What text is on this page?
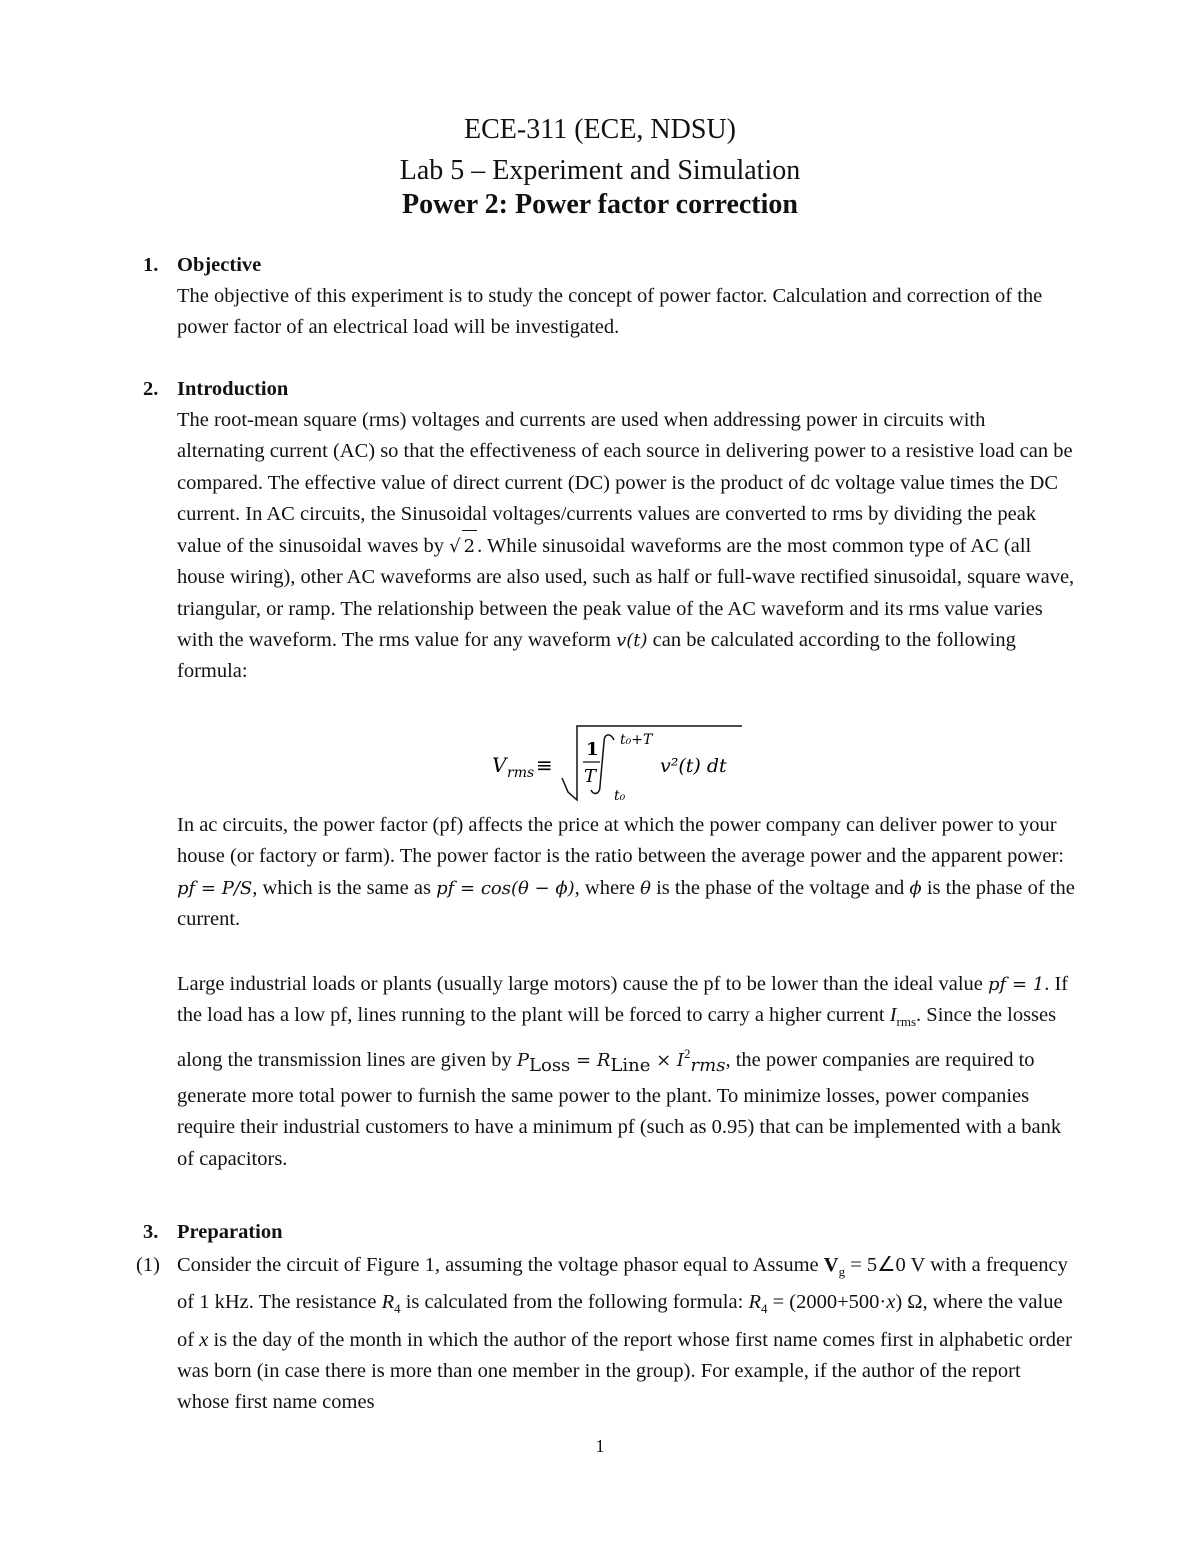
ECE-311 (ECE, NDSU)
Lab 5 – Experiment and Simulation
Power 2: Power factor correction
1. Objective

The objective of this experiment is to study the concept of power factor. Calculation and correction of the power factor of an electrical load will be investigated.

2. Introduction

The root-mean square (rms) voltages and currents are used when addressing power in circuits with alternating current (AC) so that the effectiveness of each source in delivering power to a resistive load can be compared. The effective value of direct current (DC) power is the product of dc voltage value times the DC current. In AC circuits, the Sinusoidal voltages/currents values are converted to rms by dividing the peak value of the sinusoidal waves by √ 2. While sinusoidal waveforms are the most common type of AC (all house wiring), other AC waveforms are also used, such as half or full-wave rectified sinusoidal, square wave, triangular, or ramp. The relationship between the peak value of the AC waveform and its rms value varies with the waveform. The rms value for any waveform v(t) can be calculated according to the following formula:

V rms ≡
1
T
t₀+T
t₀
v²(t) dt

In ac circuits, the power factor (pf) affects the price at which the power company can deliver power to your house (or factory or farm). The power factor is the ratio between the average power and the apparent power: pf = P/S, which is the same as pf = cos(θ − ϕ), where θ is the phase of the voltage and ϕ is the phase of the current.

Large industrial loads or plants (usually large motors) cause the pf to be lower than the ideal value pf = 1. If the load has a low pf, lines running to the plant will be forced to carry a higher current $I_{rms}$. Since the losses along the transmission lines are given by $P_{Loss} = R_{Line} \times I^2_{rms}$, the power companies are required to generate more total power to furnish the same power to the plant. To minimize losses, power companies require their industrial customers to have a minimum pf (such as 0.95) that can be implemented with a bank of capacitors.

3. Preparation
(1) Consider the circuit of Figure 1, assuming the voltage phasor equal to Assume $V_g$ = 5∠0 V with a frequency of 1 kHz. The resistance $R_4$ is calculated from the following formula: $R_4 = (2000+500\cdot x)$ Ω, where the value of x is the day of the month in which the author of the report whose first name comes first in alphabetic order was born (in case there is more than one member in the group). For example, if the author of the report whose first name comes

1
